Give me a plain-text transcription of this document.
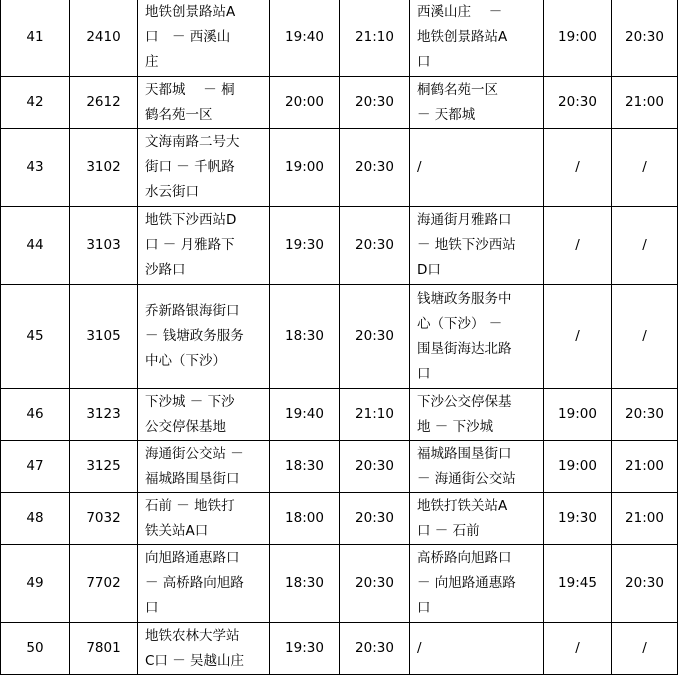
41	2410	地铁创景路站A
口　－ 西溪山
庄	19:40	21:10	西溪山庄　 －
地铁创景路站A
口	19:00	20:30
42	2612	天都城　 － 桐
鹤名苑一区	20:00	20:30	桐鹤名苑一区
－ 天都城	20:30	21:00
43	3102	文海南路二号大
街口 － 千帆路
水云街口	19:00	20:30	/	/	/
44	3103	地铁下沙西站D
口 － 月雅路下
沙路口	19:30	20:30	海通街月雅路口
－ 地铁下沙西站
D口	/	/
45	3105	乔新路银海街口
－ 钱塘政务服务
中心（下沙）	18:30	20:30	钱塘政务服务中
心（下沙） －
围垦街海达北路
口	/	/
46	3123	下沙城 － 下沙
公交停保基地	19:40	21:10	下沙公交停保基
地 － 下沙城	19:00	20:30
47	3125	海通街公交站 －
福城路围垦街口	18:30	20:30	福城路围垦街口
－ 海通街公交站	19:00	21:00
48	7032	石前 － 地铁打
铁关站A口	18:00	20:30	地铁打铁关站A
口 － 石前	19:30	21:00
49	7702	向旭路通惠路口
－ 高桥路向旭路
口	18:30	20:30	高桥路向旭路口
－ 向旭路通惠路
口	19:45	20:30
50	7801	地铁农林大学站
C口 － 吴越山庄	19:30	20:30	/	/	/
